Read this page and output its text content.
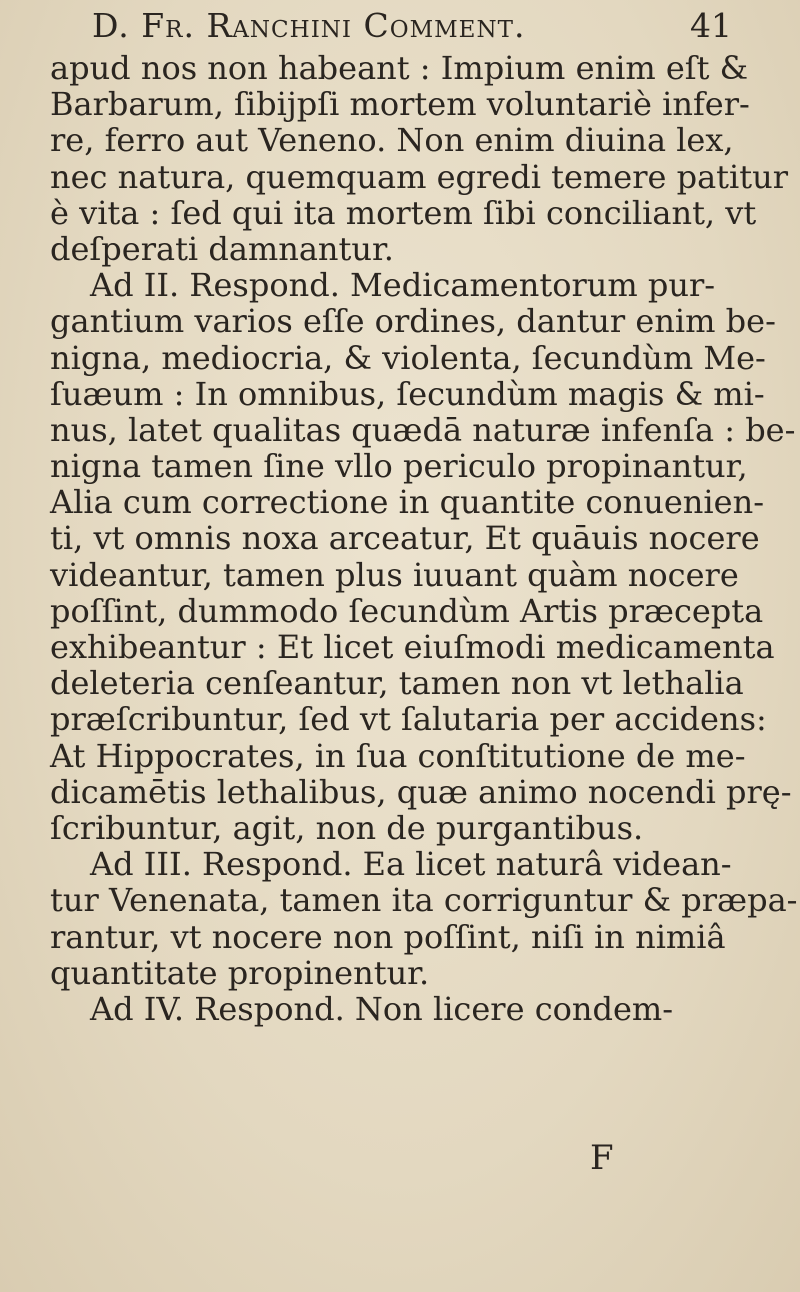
D. Fr. Ranchini Comment.	41
apud nos non habeant : Impium enim eſt &
Barbarum, ſibijpſi mortem voluntariè infer-
re, ferro aut Veneno. Non enim diuina lex,
nec natura, quemquam egredi temere patitur
è vita : ſed qui ita mortem ſibi conciliant, vt
deſperati damnantur.
Ad II. Respond. Medicamentorum pur-
gantium varios eſſe ordines, dantur enim be-
nigna, mediocria, & violenta, ſecundùm Me-
ſuæum : In omnibus, ſecundùm magis & mi-
nus, latet qualitas quædā naturæ infenſa : be-
nigna tamen ſine vllo periculo propinantur,
Alia cum correctione in quantite conuenien-
ti, vt omnis noxa arceatur, Et quāuis nocere
videantur, tamen plus iuuant quàm nocere
poſſint, dummodo ſecundùm Artis præcepta
exhibeantur : Et licet eiuſmodi medicamenta
deleteria cenſeantur, tamen non vt lethalia
præſcribuntur, ſed vt ſalutaria per accidens:
At Hippocrates, in ſua conſtitutione de me-
dicamētis lethalibus, quæ animo nocendi prę-
ſcribuntur, agit, non de purgantibus.
Ad III. Respond. Ea licet naturâ videan-
tur Venenata, tamen ita corriguntur & præpa-
rantur, vt nocere non poſſint, niſi in nimiâ
quantitate propinentur.
Ad IV. Respond. Non licere condem-
F
